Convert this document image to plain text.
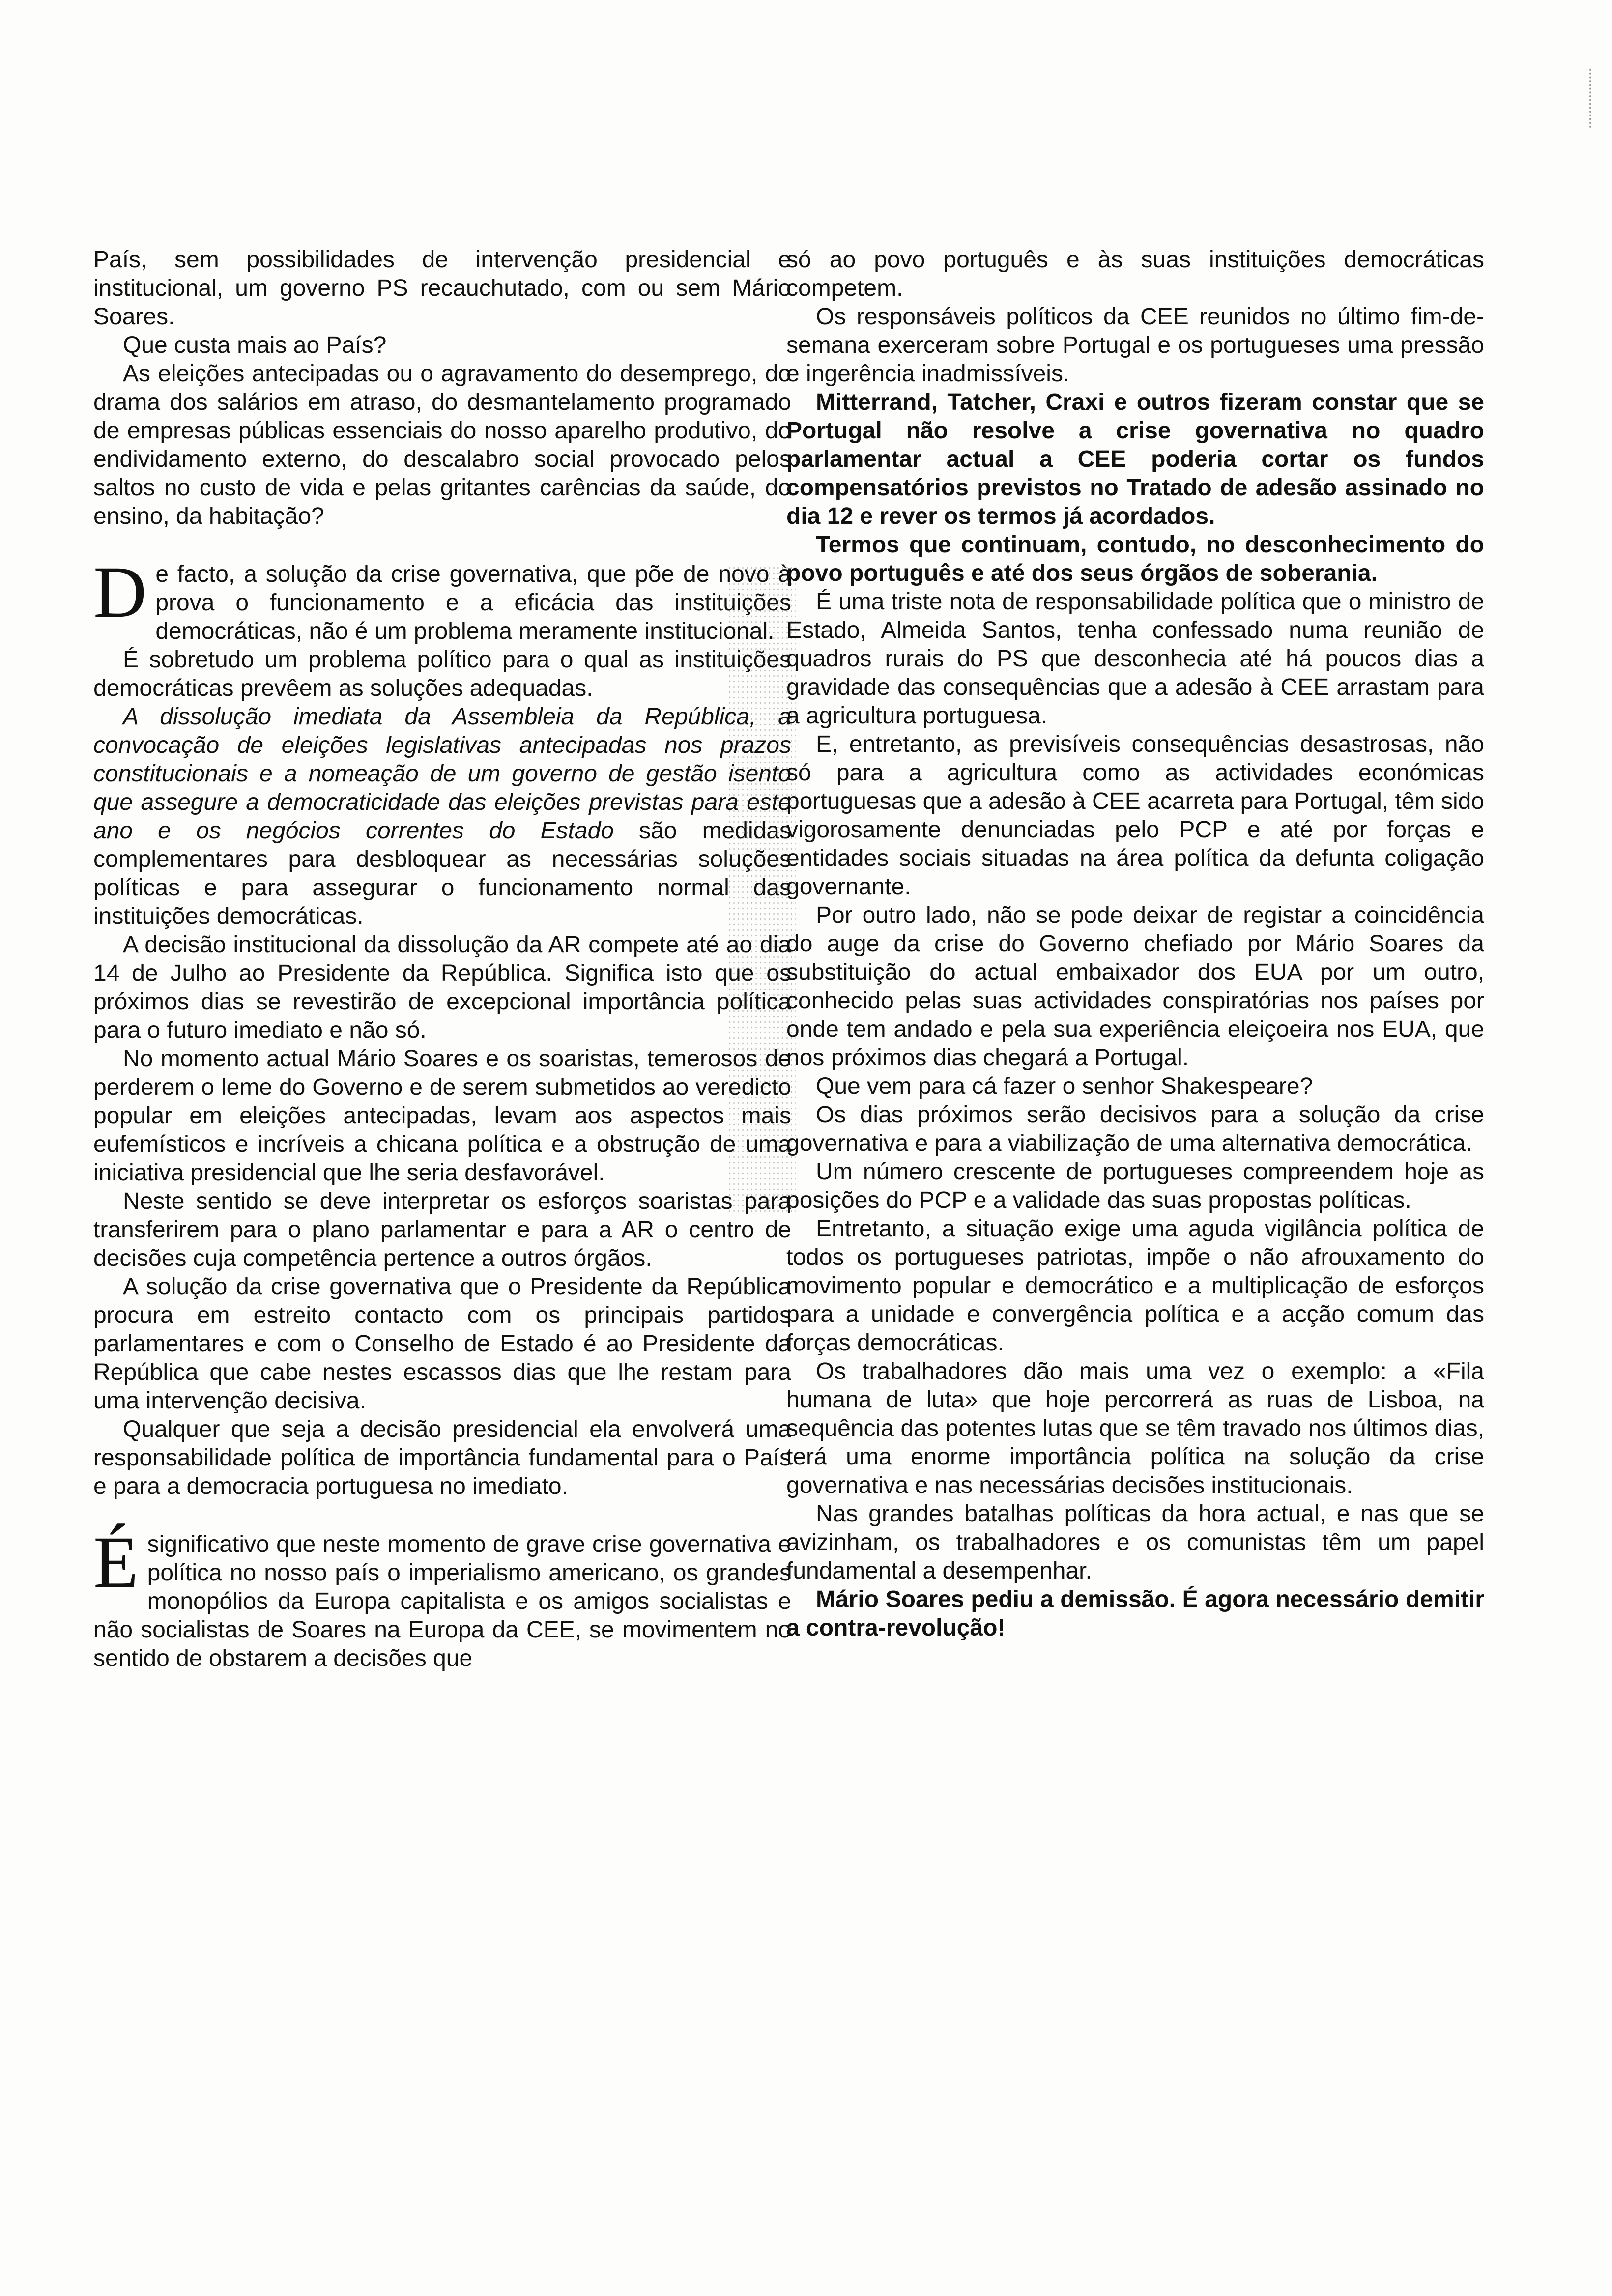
País, sem possibilidades de intervenção presidencial e institucional, um governo PS recauchutado, com ou sem Mário Soares.

Que custa mais ao País?

As eleições antecipadas ou o agravamento do desemprego, do drama dos salários em atraso, do desmantelamento programado de empresas públicas essenciais do nosso aparelho produtivo, do endividamento externo, do descalabro social provocado pelos saltos no custo de vida e pelas gritantes carências da saúde, do ensino, da habitação?

De facto, a solução da crise governativa, que põe de novo à prova o funcionamento e a eficácia das instituições democráticas, não é um problema meramente institucional.

É sobretudo um problema político para o qual as instituições democráticas prevêem as soluções adequadas.

A dissolução imediata da Assembleia da República, a convocação de eleições legislativas antecipadas nos prazos constitucionais e a nomeação de um governo de gestão isento que assegure a democraticidade das eleições previstas para este ano e os negócios correntes do Estado são medidas complementares para desbloquear as necessárias soluções políticas e para assegurar o funcionamento normal das instituições democráticas.

A decisão institucional da dissolução da AR compete até ao dia 14 de Julho ao Presidente da República. Significa isto que os próximos dias se revestirão de excepcional importância política para o futuro imediato e não só.

No momento actual Mário Soares e os soaristas, temerosos de perderem o leme do Governo e de serem submetidos ao veredicto popular em eleições antecipadas, levam aos aspectos mais eufemísticos e incríveis a chicana política e a obstrução de uma iniciativa presidencial que lhe seria desfavorável.

Neste sentido se deve interpretar os esforços soaristas para transferirem para o plano parlamentar e para a AR o centro de decisões cuja competência pertence a outros órgãos.

A solução da crise governativa que o Presidente da República procura em estreito contacto com os principais partidos parlamentares e com o Conselho de Estado é ao Presidente da República que cabe nestes escassos dias que lhe restam para uma intervenção decisiva.

Qualquer que seja a decisão presidencial ela envolverá uma responsabilidade política de importância fundamental para o País e para a democracia portuguesa no imediato.

Ésignificativo que neste momento de grave crise governativa e política no nosso país o imperialismo americano, os grandes monopólios da Europa capitalista e os amigos socialistas e não socialistas de Soares na Europa da CEE, se movimentem no sentido de obstarem a decisões que

só ao povo português e às suas instituições democráticas competem.

Os responsáveis políticos da CEE reunidos no último fim-de-semana exerceram sobre Portugal e os portugueses uma pressão e ingerência inadmissíveis.

Mitterrand, Tatcher, Craxi e outros fizeram constar que se Portugal não resolve a crise governativa no quadro parlamentar actual a CEE poderia cortar os fundos compensatórios previstos no Tratado de adesão assinado no dia 12 e rever os termos já acordados.

Termos que continuam, contudo, no desconhecimento do povo português e até dos seus órgãos de soberania.

É uma triste nota de responsabilidade política que o ministro de Estado, Almeida Santos, tenha confessado numa reunião de quadros rurais do PS que desconhecia até há poucos dias a gravidade das consequências que a adesão à CEE arrastam para a agricultura portuguesa.

E, entretanto, as previsíveis consequências desastrosas, não só para a agricultura como as actividades económicas portuguesas que a adesão à CEE acarreta para Portugal, têm sido vigorosamente denunciadas pelo PCP e até por forças e entidades sociais situadas na área política da defunta coligação governante.

Por outro lado, não se pode deixar de registar a coincidência do auge da crise do Governo chefiado por Mário Soares da substituição do actual embaixador dos EUA por um outro, conhecido pelas suas actividades conspiratórias nos países por onde tem andado e pela sua experiência eleiçoeira nos EUA, que nos próximos dias chegará a Portugal.

Que vem para cá fazer o senhor Shakespeare?

Os dias próximos serão decisivos para a solução da crise governativa e para a viabilização de uma alternativa democrática.

Um número crescente de portugueses compreendem hoje as posições do PCP e a validade das suas propostas políticas.

Entretanto, a situação exige uma aguda vigilância política de todos os portugueses patriotas, impõe o não afrouxamento do movimento popular e democrático e a multiplicação de esforços para a unidade e convergência política e a acção comum das forças democráticas.

Os trabalhadores dão mais uma vez o exemplo: a «Fila humana de luta» que hoje percorrerá as ruas de Lisboa, na sequência das potentes lutas que se têm travado nos últimos dias, terá uma enorme importância política na solução da crise governativa e nas necessárias decisões institucionais.

Nas grandes batalhas políticas da hora actual, e nas que se avizinham, os trabalhadores e os comunistas têm um papel fundamental a desempenhar.

Mário Soares pediu a demissão. É agora necessário demitir a contra-revolução!
